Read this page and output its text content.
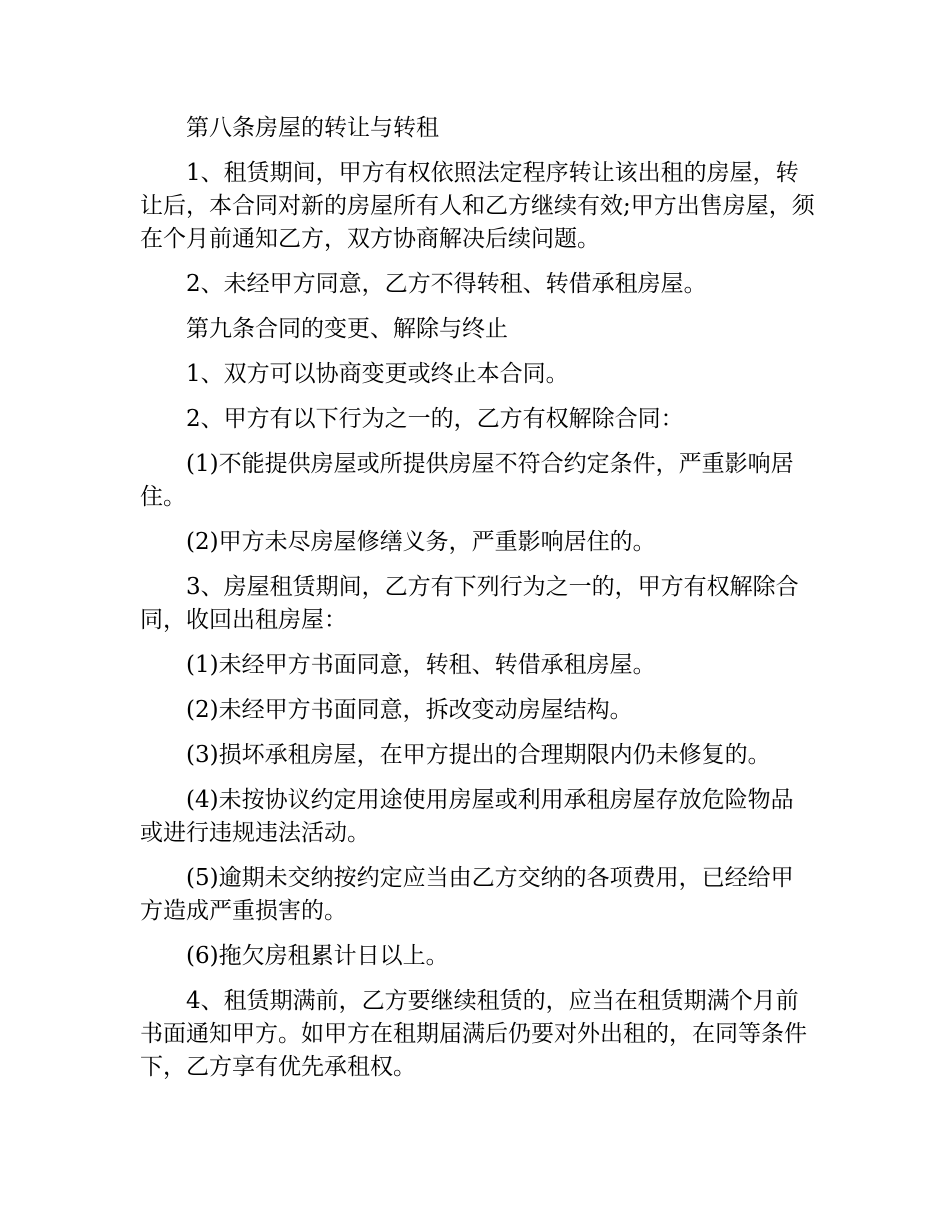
第八条房屋的转让与转租

1、租赁期间，甲方有权依照法定程序转让该出租的房屋，转让后，本合同对新的房屋所有人和乙方继续有效;甲方出售房屋，须在个月前通知乙方，双方协商解决后续问题。

2、未经甲方同意，乙方不得转租、转借承租房屋。

第九条合同的变更、解除与终止

1、双方可以协商变更或终止本合同。

2、甲方有以下行为之一的，乙方有权解除合同：

(1)不能提供房屋或所提供房屋不符合约定条件，严重影响居住。

(2)甲方未尽房屋修缮义务，严重影响居住的。

3、房屋租赁期间，乙方有下列行为之一的，甲方有权解除合同，收回出租房屋：

(1)未经甲方书面同意，转租、转借承租房屋。

(2)未经甲方书面同意，拆改变动房屋结构。

(3)损坏承租房屋，在甲方提出的合理期限内仍未修复的。

(4)未按协议约定用途使用房屋或利用承租房屋存放危险物品或进行违规违法活动。

(5)逾期未交纳按约定应当由乙方交纳的各项费用，已经给甲方造成严重损害的。

(6)拖欠房租累计日以上。

4、租赁期满前，乙方要继续租赁的，应当在租赁期满个月前书面通知甲方。如甲方在租期届满后仍要对外出租的，在同等条件下，乙方享有优先承租权。
